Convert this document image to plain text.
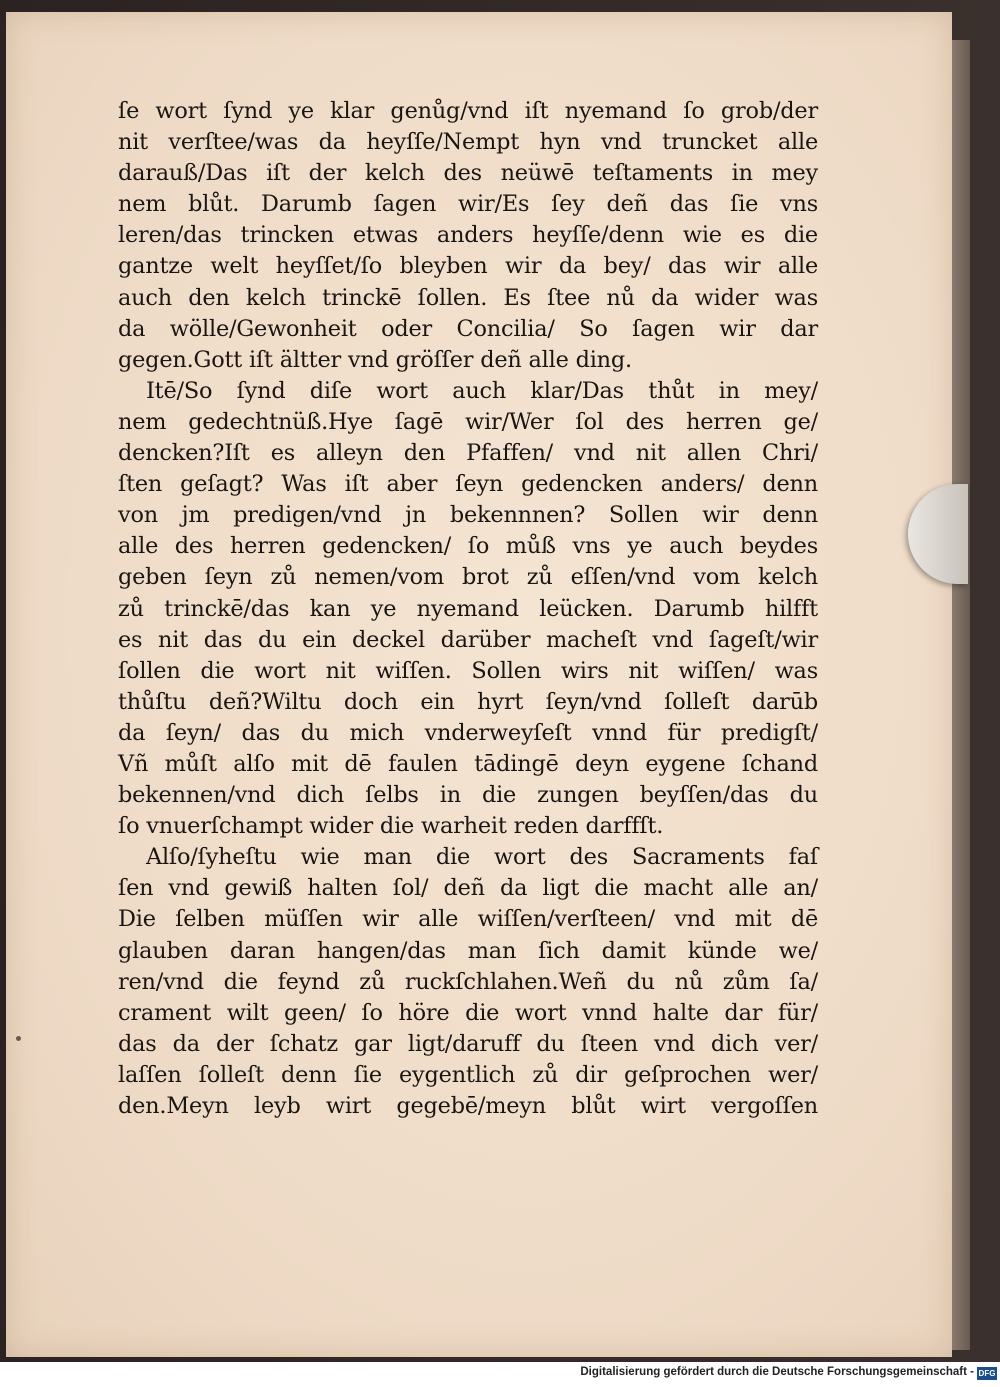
ſe wort ſynd ye klar genůg/vnd iſt nyemand ſo grob/der
nit verſtee/was da heyſſe/Nempt hyn vnd truncket alle
darauß/Das iſt der kelch des neüwē teſtaments in mey
nem blůt. Darumb ſagen wir/Es ſey deñ das ſie vns
leren/das trincken etwas anders heyſſe/denn wie es die
gantze welt heyſſet/ſo bleyben wir da bey/ das wir alle
auch den kelch trinckē ſollen. Es ſtee nů da wider was
da wölle/Gewonheit oder Concilia/ So ſagen wir dar
gegen.Gott iſt ältter vnd gröſſer deñ alle ding.
Itē/So ſynd diſe wort auch klar/Das thůt in mey/
nem gedechtnüß.Hye ſagē wir/Wer ſol des herren ge/
dencken?Iſt es alleyn den Pfaffen/ vnd nit allen Chri/
ſten geſagt? Was iſt aber ſeyn gedencken anders/ denn
von jm predigen/vnd jn bekennnen? Sollen wir denn
alle des herren gedencken/ ſo můß vns ye auch beydes
geben ſeyn zů nemen/vom brot zů eſſen/vnd vom kelch
zů trinckē/das kan ye nyemand leücken. Darumb hilfft
es nit das du ein deckel darüber macheſt vnd ſageſt/wir
ſollen die wort nit wiſſen. Sollen wirs nit wiſſen/ was
thůſtu deñ?Wiltu doch ein hyrt ſeyn/vnd ſolleſt darūb
da ſeyn/ das du mich vnderweyſeſt vnnd für predigſt/
Vñ můſt alſo mit dē faulen tādingē deyn eygene ſchand
bekennen/vnd dich ſelbs in die zungen beyſſen/das du
ſo vnuerſchampt wider die warheit reden darffſt.
Alſo/ſyheſtu wie man die wort des Sacraments faſ
ſen vnd gewiß halten ſol/ deñ da ligt die macht alle an/
Die ſelben müſſen wir alle wiſſen/verſteen/ vnd mit dē
glauben daran hangen/das man ſich damit künde we/
ren/vnd die feynd zů ruckſchlahen.Weñ du nů zům ſa/
crament wilt geen/ ſo höre die wort vnnd halte dar für/
das da der ſchatz gar ligt/daruff du ſteen vnd dich ver/
laſſen ſolleſt denn ſie eygentlich zů dir geſprochen wer/
den.Meyn leyb wirt gegebē/meyn blůt wirt vergoſſen
Digitalisierung gefördert durch die Deutsche Forschungsgemeinschaft - DFG
